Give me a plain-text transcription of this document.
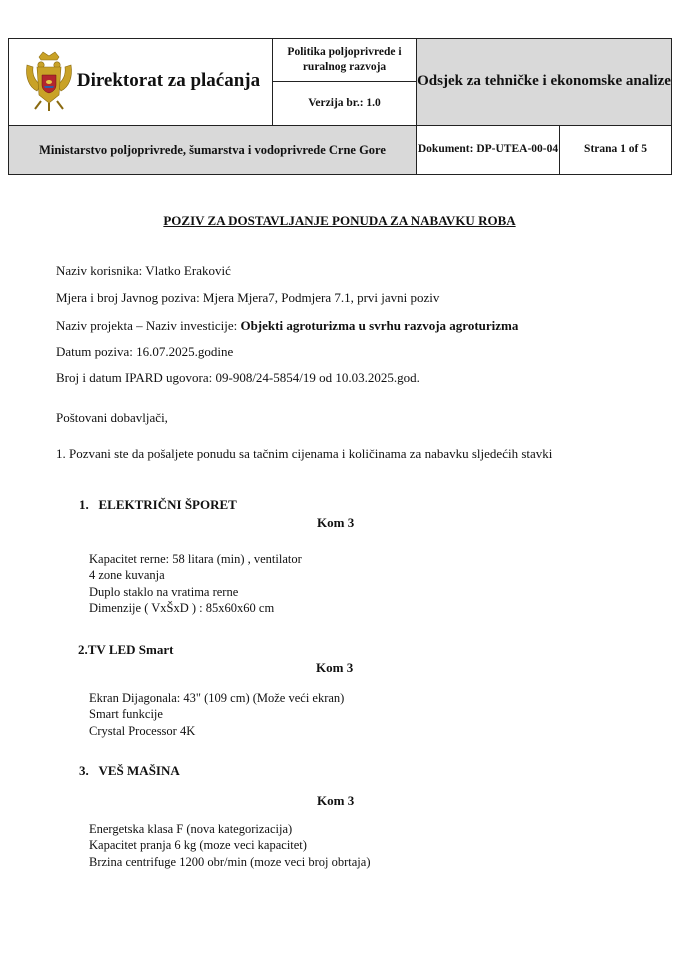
Direktorat za plaćanja	Politika poljoprivrede i ruralnog razvoja	Odsjek za tehničke i ekonomske analize	
	Verzija br.: 1.0		
Ministarstvo poljoprivrede, šumarstva i vodoprivrede Crne Gore		Dokument: DP-UTEA-00-04	Strana 1 of 5
POZIV ZA DOSTAVLJANJE PONUDA ZA NABAVKU ROBA
Naziv korisnika: Vlatko Eraković
Mjera i broj Javnog poziva: Mjera Mjera7, Podmjera 7.1, prvi javni poziv
Naziv projekta – Naziv investicije: Objekti agroturizma u svrhu razvoja agroturizma
Datum poziva: 16.07.2025.godine
Broj i datum IPARD ugovora: 09-908/24-5854/19 od 10.03.2025.god.
Poštovani dobavljači,
1. Pozvani ste da pošaljete ponudu sa tačnim cijenama i količinama za nabavku sljedećih stavki
1. ELEKTRIČNI ŠPORET
Kom 3
Kapacitet rerne: 58 litara (min) , ventilator
4 zone kuvanja
Duplo staklo na vratima rerne
Dimenzije ( VxŠxD ) : 85x60x60 cm
2.TV LED Smart
Kom 3
Ekran Dijagonala: 43" (109 cm) (Može veći ekran)
Smart funkcije
Crystal Processor 4K
3. VEŠ MAŠINA
Kom 3
Energetska klasa F (nova kategorizacija)
Kapacitet pranja 6 kg (moze veci kapacitet)
Brzina centrifuge 1200 obr/min (moze veci broj obrtaja)
